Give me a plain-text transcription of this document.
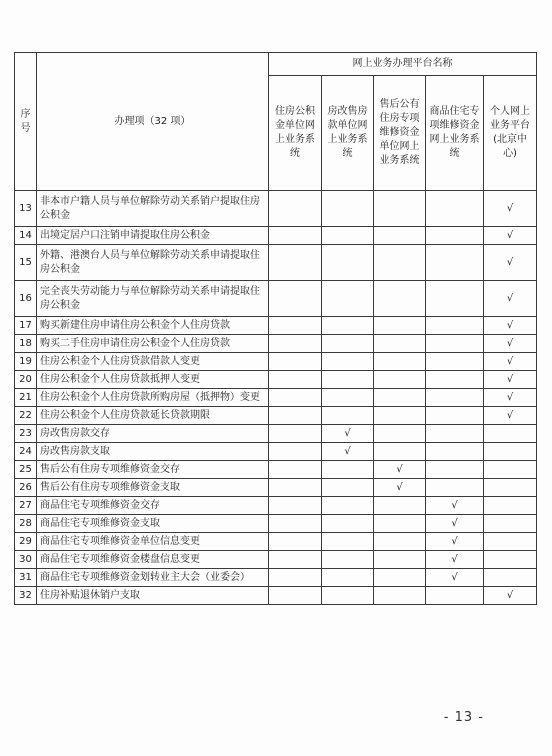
序号	办理项（32 项）	网上业务办理平台名称				
		住房公积金单位网上业务系统	房改售房款单位网上业务系统	售后公有住房专项维修资金单位网上业务系统	商品住宅专项维修资金网上业务系统	个人网上业务平台(北京中心)
13	非本市户籍人员与单位解除劳动关系销户提取住房公积金					√
14	出境定居户口注销申请提取住房公积金					√
15	外籍、港澳台人员与单位解除劳动关系申请提取住房公积金					√
16	完全丧失劳动能力与单位解除劳动关系申请提取住房公积金					√
17	购买新建住房申请住房公积金个人住房贷款					√
18	购买二手住房申请住房公积金个人住房贷款					√
19	住房公积金个人住房贷款借款人变更					√
20	住房公积金个人住房贷款抵押人变更					√
21	住房公积金个人住房贷款所购房屋（抵押物）变更					√
22	住房公积金个人住房贷款延长贷款期限					√
23	房改售房款交存		√			
24	房改售房款支取		√			
25	售后公有住房专项维修资金交存			√		
26	售后公有住房专项维修资金支取			√		
27	商品住宅专项维修资金交存				√	
28	商品住宅专项维修资金支取				√	
29	商品住宅专项维修资金单位信息变更				√	
30	商品住宅专项维修资金楼盘信息变更				√	
31	商品住宅专项维修资金划转业主大会（业委会）				√	
32	住房补贴退休销户支取					√
- 13 -
